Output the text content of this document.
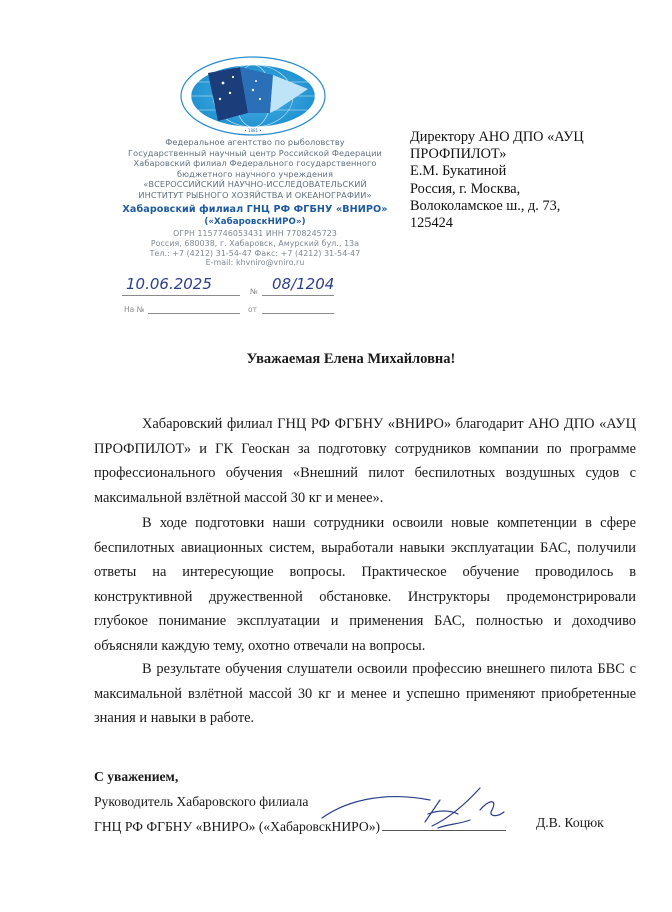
• 1881 •
Федеральное агентство по рыболовству
Государственный научный центр Российской Федерации
Хабаровский филиал Федерального государственного
бюджетного научного учреждения
«ВСЕРОССИЙСКИЙ НАУЧНО-ИССЛЕДОВАТЕЛЬСКИЙ
ИНСТИТУТ РЫБНОГО ХОЗЯЙСТВА И ОКЕАНОГРАФИИ»
Хабаровский филиал ГНЦ РФ ФГБНУ «ВНИРО»
(«ХабаровскНИРО»)
ОГРН 1157746053431 ИНН 7708245723
Россия, 680038, г. Хабаровск, Амурский бул., 13а
Тел.: +7 (4212) 31-54-47 Факс: +7 (4212) 31-54-47
E-mail: khvniro@vniro.ru
10.06.2025	№ 08/1204
На №	от
Директору АНО ДПО «АУЦ
ПРОФПИЛОТ»
Е.М. Букатиной
Россия, г. Москва,
Волоколамское ш., д. 73,
125424
Уважаемая Елена Михайловна!
Хабаровский филиал ГНЦ РФ ФГБНУ «ВНИРО» благодарит АНО ДПО «АУЦ ПРОФПИЛОТ» и ГК Геоскан за подготовку сотрудников компании по программе профессионального обучения «Внешний пилот беспилотных воздушных судов с максимальной взлётной массой 30 кг и менее».
В ходе подготовки наши сотрудники освоили новые компетенции в сфере беспилотных авиационных систем, выработали навыки эксплуатации БАС, получили ответы на интересующие вопросы. Практическое обучение проводилось в конструктивной дружественной обстановке. Инструкторы продемонстрировали глубокое понимание эксплуатации и применения БАС, полностью и доходчиво объясняли каждую тему, охотно отвечали на вопросы.
В результате обучения слушатели освоили профессию внешнего пилота БВС с максимальной взлётной массой 30 кг и менее и успешно применяют приобретенные знания и навыки в работе.
С уважением,
Руководитель Хабаровского филиала
ГНЦ РФ ФГБНУ «ВНИРО» («ХабаровскНИРО»)	Д.В. Коцюк
